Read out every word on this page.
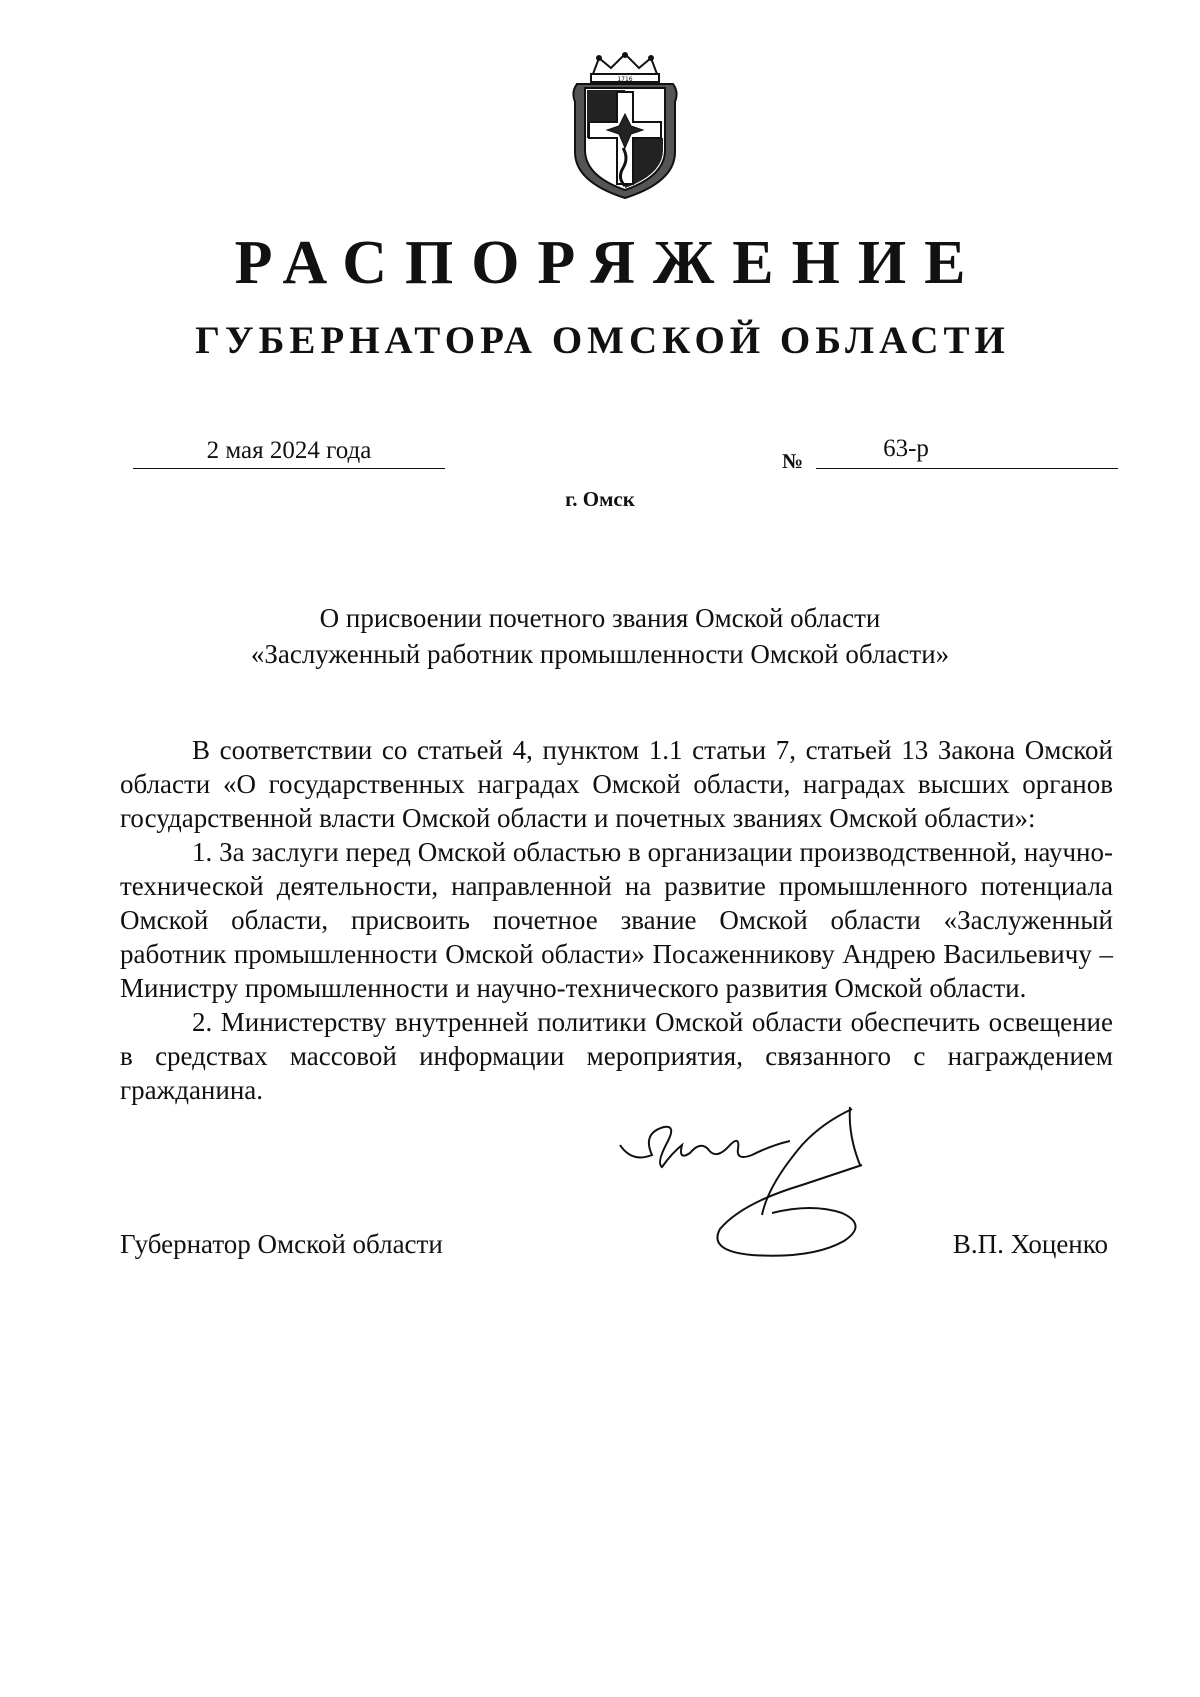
1716
РАСПОРЯЖЕНИЕ
ГУБЕРНАТОРА ОМСКОЙ ОБЛАСТИ
2 мая 2024 года	№	63-р
г. Омск
О присвоении почетного звания Омской области
«Заслуженный работник промышленности Омской области»

В соответствии со статьей 4, пунктом 1.1 статьи 7, статьей 13 Закона Омской области «О государственных наградах Омской области, наградах высших органов государственной власти Омской области и почетных званиях Омской области»:

1. За заслуги перед Омской областью в организации производственной, научно-технической деятельности, направленной на развитие промышленного потенциала Омской области, присвоить почетное звание Омской области «Заслуженный работник промышленности Омской области» Посаженникову Андрею Васильевичу – Министру промышленности и научно-технического развития Омской области.

2. Министерству внутренней политики Омской области обеспечить освещение в средствах массовой информации мероприятия, связанного с награждением гражданина.

Губернатор Омской области	В.П. Хоценко
